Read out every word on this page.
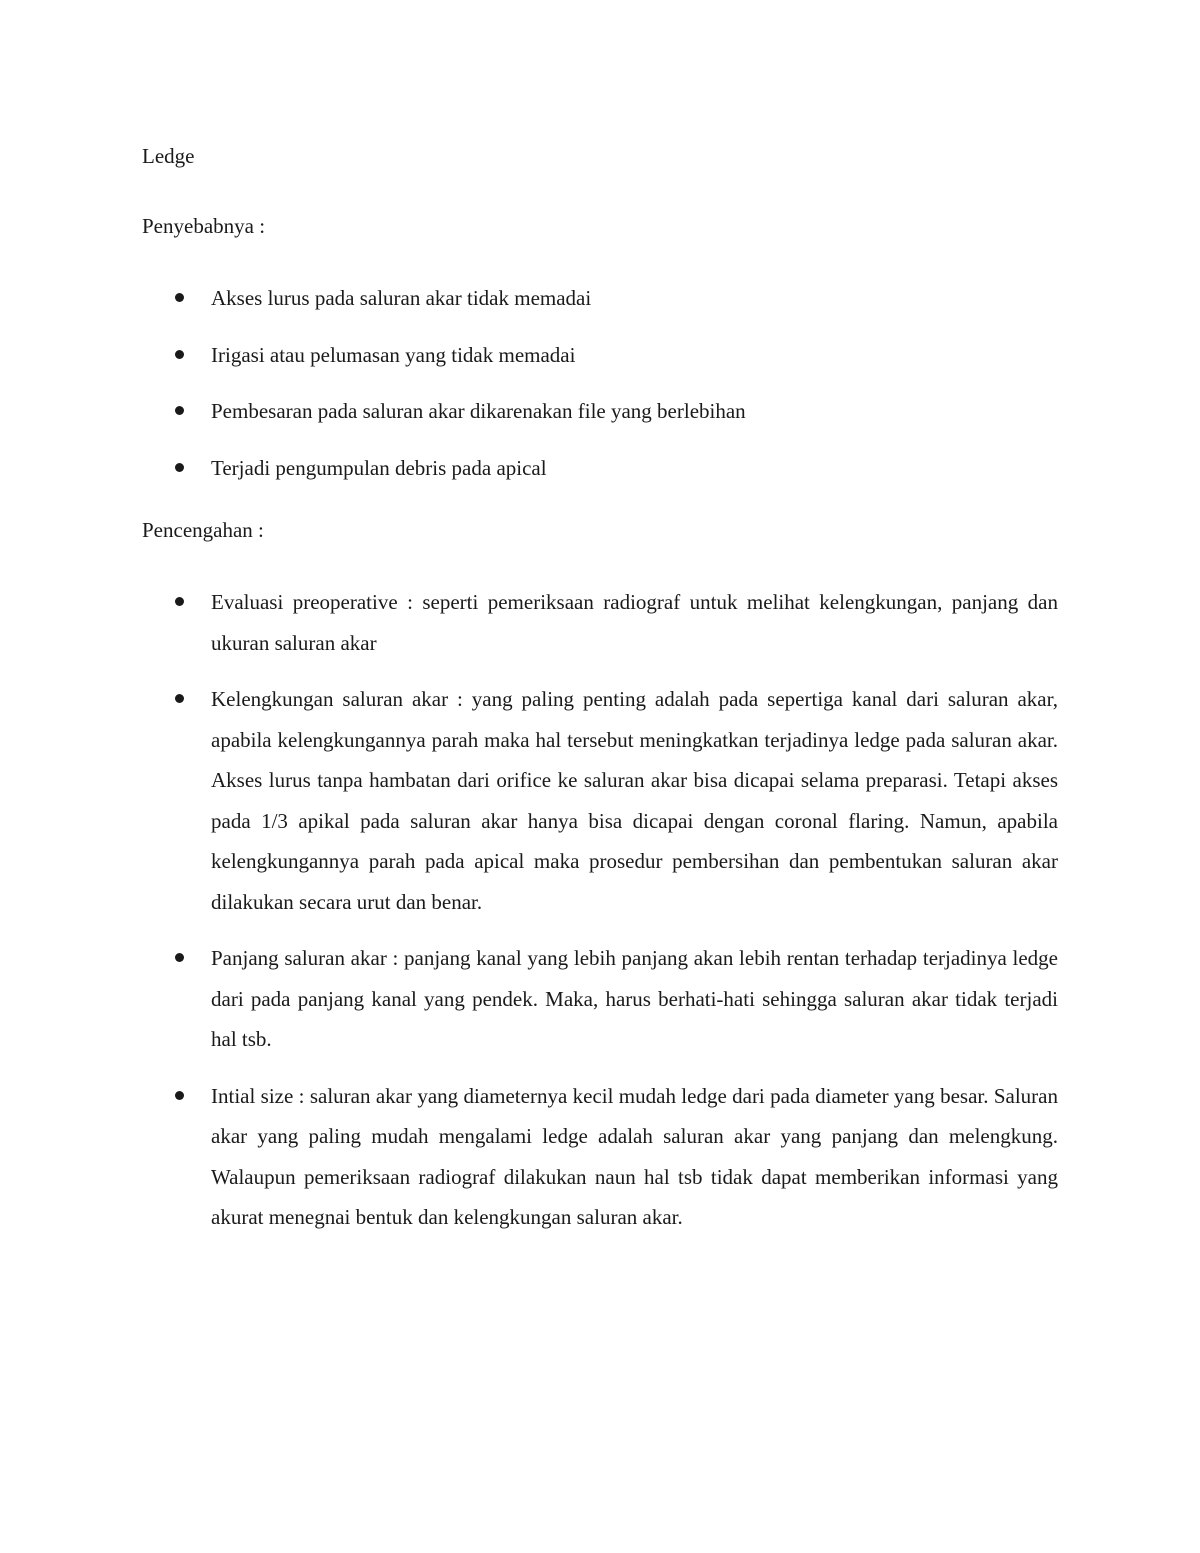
Ledge

Penyebabnya :

Akses lurus pada saluran akar tidak memadai
Irigasi atau pelumasan yang tidak memadai
Pembesaran pada saluran akar dikarenakan file yang berlebihan
Terjadi pengumpulan debris pada apical

Pencengahan :

Evaluasi preoperative : seperti pemeriksaan radiograf untuk melihat kelengkungan, panjang dan ukuran saluran akar
Kelengkungan saluran akar : yang paling penting adalah pada sepertiga kanal dari saluran akar, apabila kelengkungannya parah maka hal tersebut meningkatkan terjadinya ledge pada saluran akar. Akses lurus tanpa hambatan dari orifice ke saluran akar bisa dicapai selama preparasi. Tetapi akses pada 1/3 apikal pada saluran akar hanya bisa dicapai dengan coronal flaring. Namun, apabila kelengkungannya parah pada apical maka prosedur pembersihan dan pembentukan saluran akar dilakukan secara urut dan benar.
Panjang saluran akar : panjang kanal yang lebih panjang akan lebih rentan terhadap terjadinya ledge dari pada panjang kanal yang pendek. Maka, harus berhati-hati sehingga saluran akar tidak terjadi hal tsb.
Intial size : saluran akar yang diameternya kecil mudah ledge dari pada diameter yang besar. Saluran akar yang paling mudah mengalami ledge adalah saluran akar yang panjang dan melengkung. Walaupun pemeriksaan radiograf dilakukan naun hal tsb tidak dapat memberikan informasi yang akurat menegnai bentuk dan kelengkungan saluran akar.
